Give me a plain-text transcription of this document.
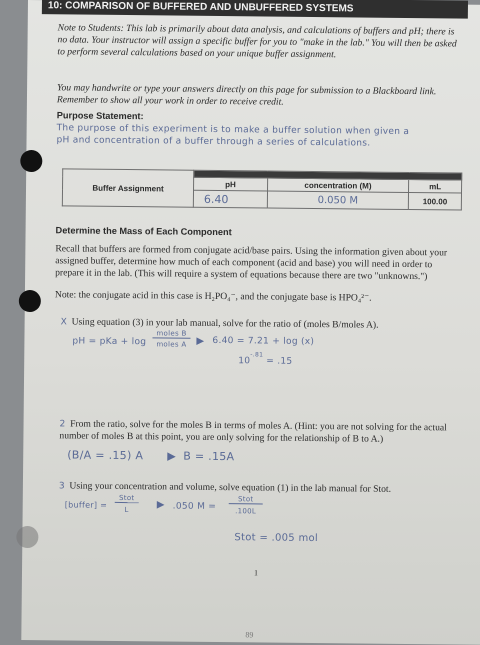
10: COMPARISON OF BUFFERED AND UNBUFFERED SYSTEMS
Note to Students: This lab is primarily about data analysis, and calculations of buffers and pH; there is no data. Your instructor will assign a specific buffer for you to "make in the lab." You will then be asked to perform several calculations based on your unique buffer assignment.
You may handwrite or type your answers directly on this page for submission to a Blackboard link. Remember to show all your work in order to receive credit.
Purpose Statement:
The purpose of this experiment is to make a buffer solution when given a
pH and concentration of a buffer through a series of calculations.
Buffer Assignment			
	pH	concentration (M)	mL
	6.40	0.050 M	100.00
Determine the Mass of Each Component
Recall that buffers are formed from conjugate acid/base pairs. Using the information given about your assigned buffer, determine how much of each component (acid and base) you will need in order to prepare it in the lab. (This will require a system of equations because there are two "unknowns.")
Note: the conjugate acid in this case is H₂PO₄⁻, and the conjugate base is HPO₄²⁻.
X Using equation (3) in your lab manual, solve for the ratio of (moles B/moles A).
pH = pKa + log
moles B
moles A ▶ 6.40 = 7.21 + log (x)
10
-.81
= .15
2 From the ratio, solve for the moles B in terms of moles A. (Hint: you are not solving for the actual number of moles B at this point, you are only solving for the relationship of B to A.)
(B/A = .15) A ▶ B = .15A
3 Using your concentration and volume, solve equation (1) in the lab manual for Stot.
[buffer] =
Stot
L	▶ .050 M =
Stot
.100L
Stot = .005 mol
1
89
